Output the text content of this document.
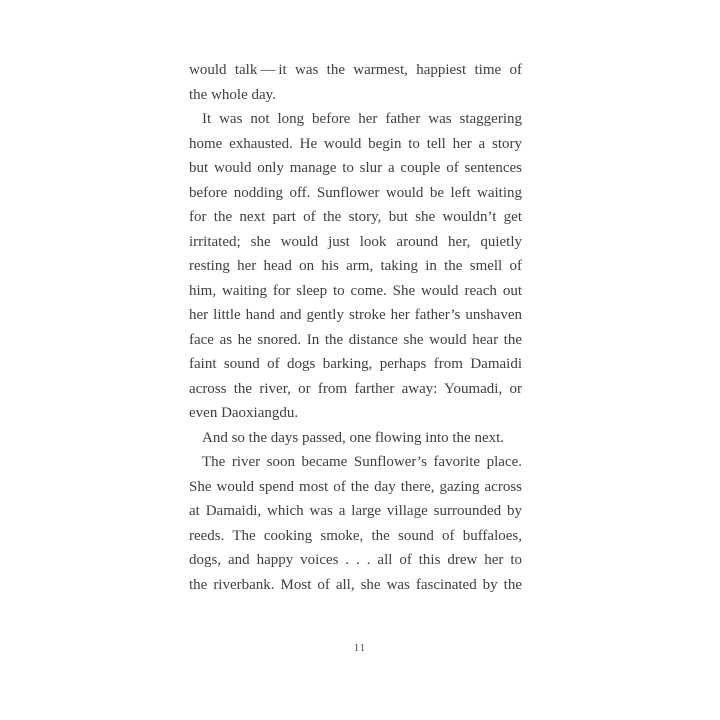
would talk — it was the warmest, happiest time of
the whole day.
It was not long before her father was staggering
home exhausted. He would begin to tell her a story
but would only manage to slur a couple of sentences
before nodding off. Sunflower would be left waiting
for the next part of the story, but she wouldn’t get
irritated; she would just look around her, quietly
resting her head on his arm, taking in the smell of
him, waiting for sleep to come. She would reach out
her little hand and gently stroke her father’s unshaven
face as he snored. In the distance she would hear the
faint sound of dogs barking, perhaps from Damaidi
across the river, or from farther away: Youmadi, or
even Daoxiangdu.
And so the days passed, one flowing into the next.
The river soon became Sunflower’s favorite place.
She would spend most of the day there, gazing across
at Damaidi, which was a large village surrounded by
reeds. The cooking smoke, the sound of buffaloes,
dogs, and happy voices . . . all of this drew her to
the riverbank. Most of all, she was fascinated by the
11
